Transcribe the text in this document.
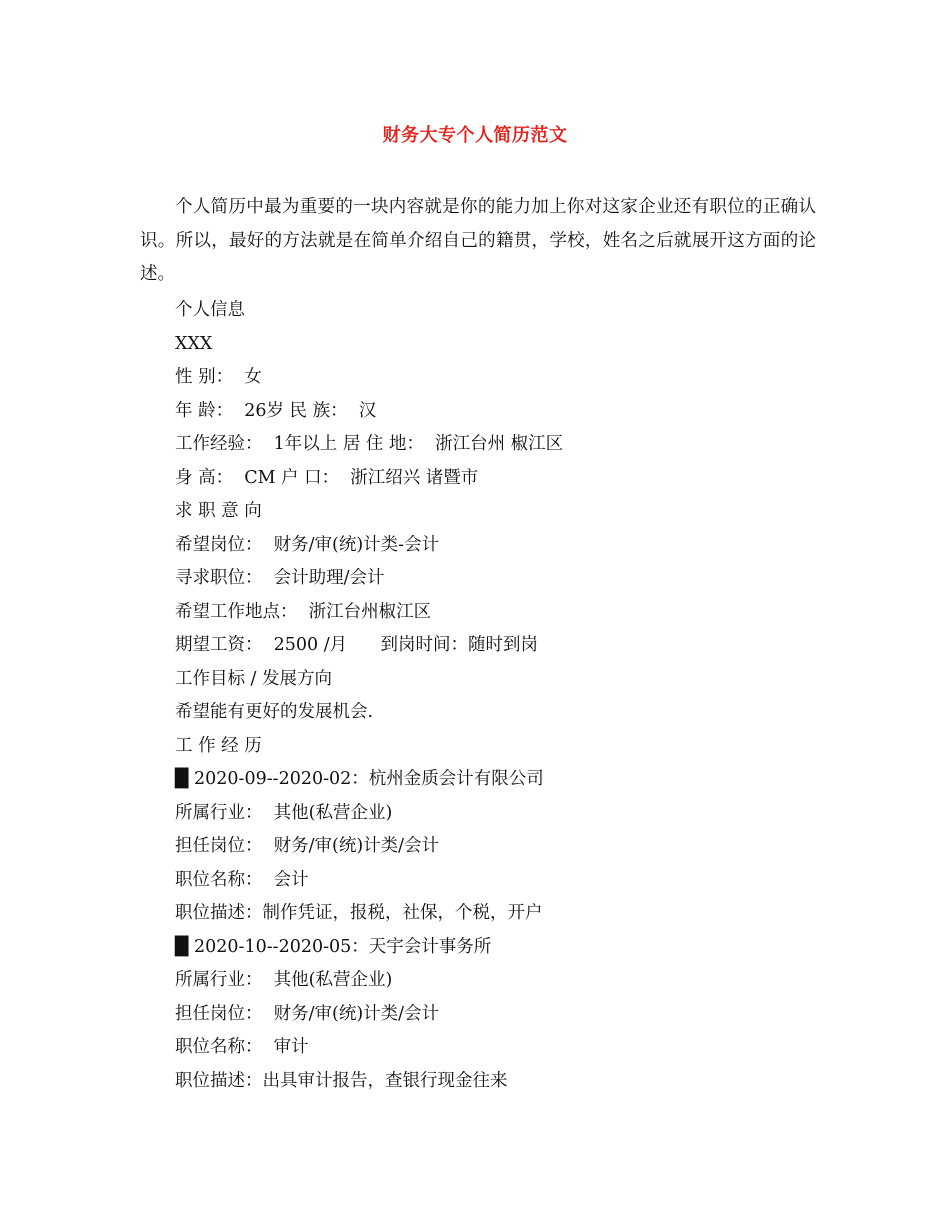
财务大专个人简历范文
个人简历中最为重要的一块内容就是你的能力加上你对这家企业还有职位的正确认识。所以，最好的方法就是在简单介绍自己的籍贯，学校，姓名之后就展开这方面的论述。
个人信息
XXX
性 别：  女
年 龄：  26岁 民 族：  汉
工作经验：  1年以上 居 住 地：  浙江台州 椒江区
身 高：  CM 户 口：  浙江绍兴 诸暨市
求 职 意 向
希望岗位：  财务/审(统)计类-会计
寻求职位：  会计助理/会计
希望工作地点：  浙江台州椒江区
期望工资：  2500 /月      到岗时间：随时到岗
工作目标 / 发展方向
希望能有更好的发展机会.
工 作 经 历
█ 2020-09--2020-02：杭州金质会计有限公司
所属行业：  其他(私营企业)
担任岗位：  财务/审(统)计类/会计
职位名称：  会计
职位描述：制作凭证，报税，社保，个税，开户
█ 2020-10--2020-05：天宇会计事务所
所属行业：  其他(私营企业)
担任岗位：  财务/审(统)计类/会计
职位名称：  审计
职位描述：出具审计报告，查银行现金往来
